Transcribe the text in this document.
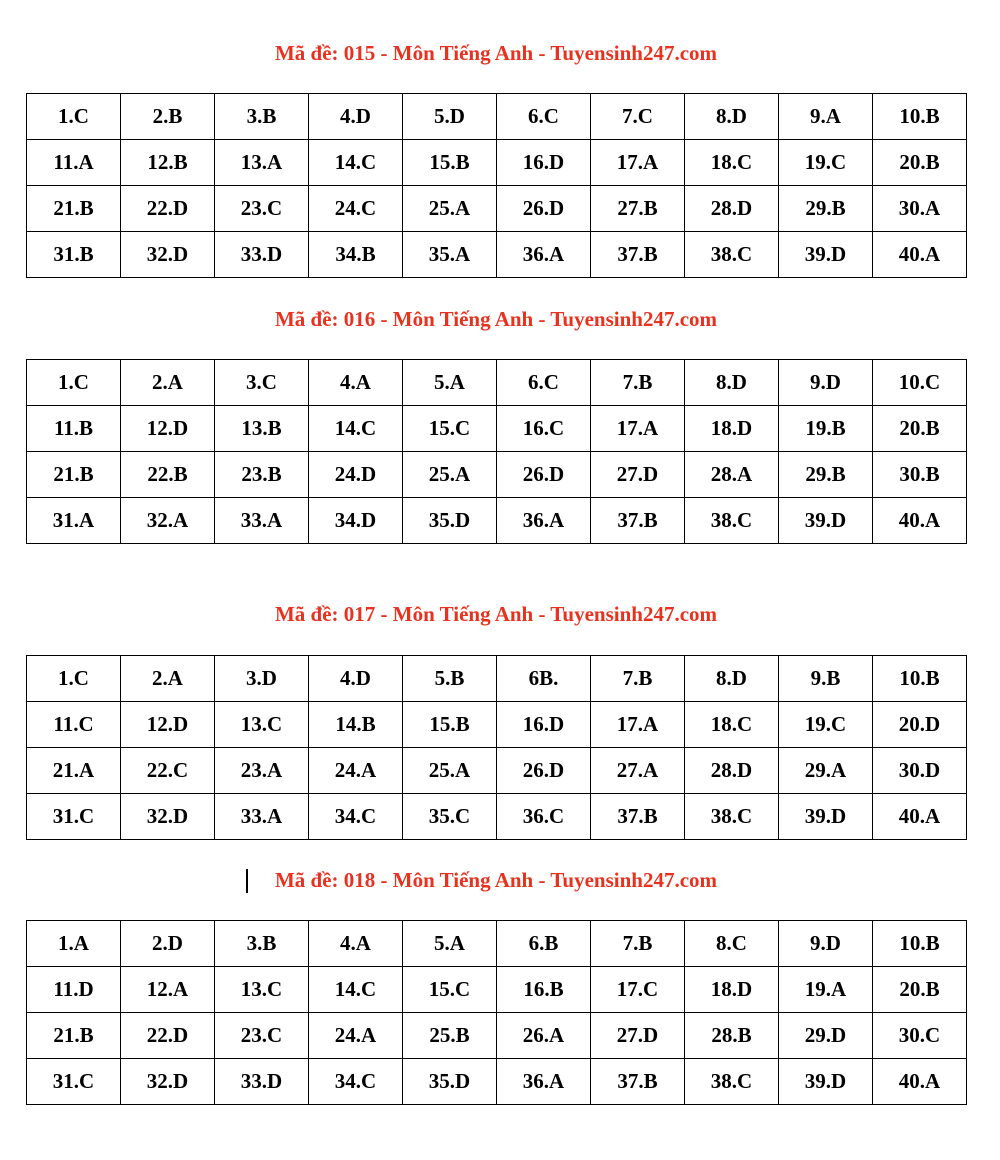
Mã đề: 015 - Môn Tiếng Anh - Tuyensinh247.com
1.C	2.B	3.B	4.D	5.D	6.C	7.C	8.D	9.A	10.B
11.A	12.B	13.A	14.C	15.B	16.D	17.A	18.C	19.C	20.B
21.B	22.D	23.C	24.C	25.A	26.D	27.B	28.D	29.B	30.A
31.B	32.D	33.D	34.B	35.A	36.A	37.B	38.C	39.D	40.A
Mã đề: 016 - Môn Tiếng Anh - Tuyensinh247.com
1.C	2.A	3.C	4.A	5.A	6.C	7.B	8.D	9.D	10.C
11.B	12.D	13.B	14.C	15.C	16.C	17.A	18.D	19.B	20.B
21.B	22.B	23.B	24.D	25.A	26.D	27.D	28.A	29.B	30.B
31.A	32.A	33.A	34.D	35.D	36.A	37.B	38.C	39.D	40.A
Mã đề: 017 - Môn Tiếng Anh - Tuyensinh247.com
1.C	2.A	3.D	4.D	5.B	6B.	7.B	8.D	9.B	10.B
11.C	12.D	13.C	14.B	15.B	16.D	17.A	18.C	19.C	20.D
21.A	22.C	23.A	24.A	25.A	26.D	27.A	28.D	29.A	30.D
31.C	32.D	33.A	34.C	35.C	36.C	37.B	38.C	39.D	40.A
Mã đề: 018 - Môn Tiếng Anh - Tuyensinh247.com
1.A	2.D	3.B	4.A	5.A	6.B	7.B	8.C	9.D	10.B
11.D	12.A	13.C	14.C	15.C	16.B	17.C	18.D	19.A	20.B
21.B	22.D	23.C	24.A	25.B	26.A	27.D	28.B	29.D	30.C
31.C	32.D	33.D	34.C	35.D	36.A	37.B	38.C	39.D	40.A
